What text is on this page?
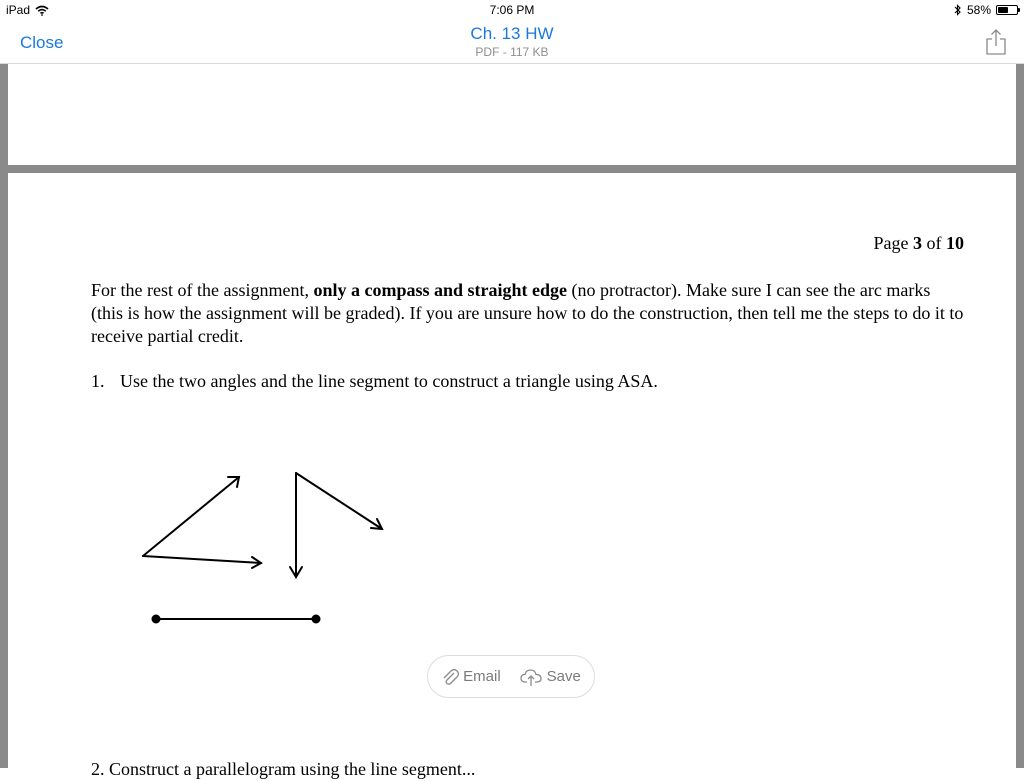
iPad	7:06 PM	58%
Close	Ch. 13 HW
PDF - 117 KB
Page 3 of 10
For the rest of the assignment, only a compass and straight edge (no protractor). Make sure I can see the arc marks (this is how the assignment will be graded). If you are unsure how to do the construction, then tell me the steps to do it to receive partial credit.
1. Use the two angles and the line segment to construct a triangle using ASA.
2. Construct a parallelogram using the line segment...
Email	Save
